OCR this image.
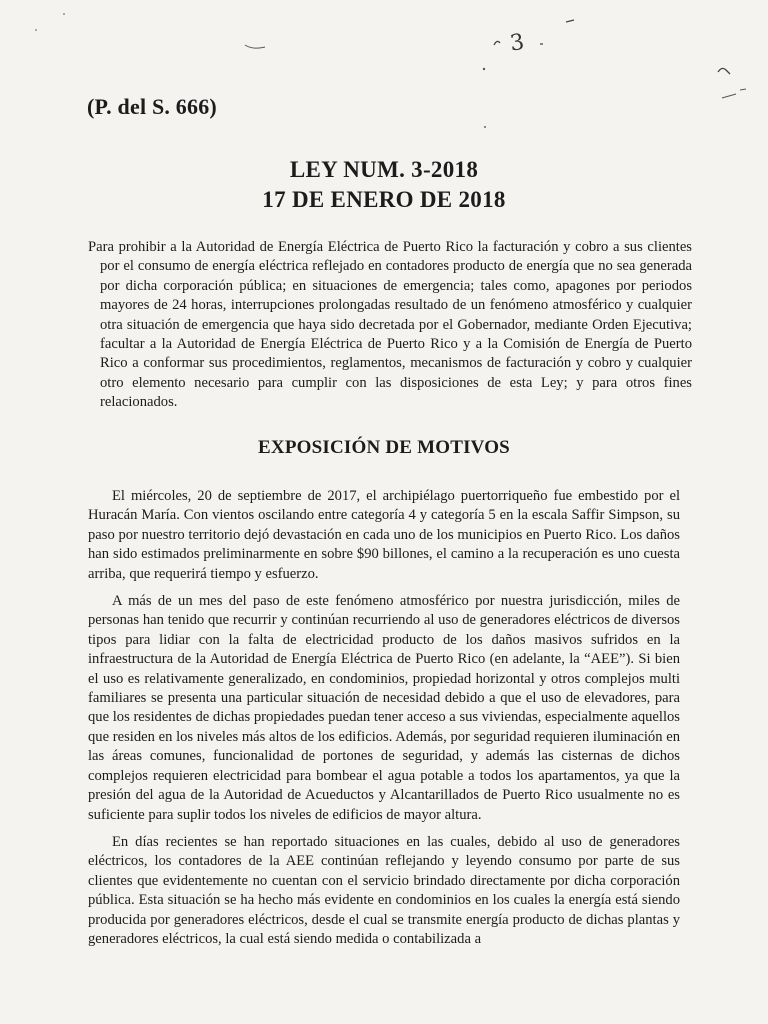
3

(P. del S. 666)

LEY NUM. 3-2018
17 DE ENERO DE 2018

Para prohibir a la Autoridad de Energía Eléctrica de Puerto Rico la facturación y cobro a sus clientes por el consumo de energía eléctrica reflejado en contadores producto de energía que no sea generada por dicha corporación pública; en situaciones de emergencia; tales como, apagones por periodos mayores de 24 horas, interrupciones prolongadas resultado de un fenómeno atmosférico y cualquier otra situación de emergencia que haya sido decretada por el Gobernador, mediante Orden Ejecutiva; facultar a la Autoridad de Energía Eléctrica de Puerto Rico y a la Comisión de Energía de Puerto Rico a conformar sus procedimientos, reglamentos, mecanismos de facturación y cobro y cualquier otro elemento necesario para cumplir con las disposiciones de esta Ley; y para otros fines relacionados.

EXPOSICIÓN DE MOTIVOS

El miércoles, 20 de septiembre de 2017, el archipiélago puertorriqueño fue embestido por el Huracán María. Con vientos oscilando entre categoría 4 y categoría 5 en la escala Saffir Simpson, su paso por nuestro territorio dejó devastación en cada uno de los municipios en Puerto Rico. Los daños han sido estimados preliminarmente en sobre $90 billones, el camino a la recuperación es uno cuesta arriba, que requerirá tiempo y esfuerzo.

A más de un mes del paso de este fenómeno atmosférico por nuestra jurisdicción, miles de personas han tenido que recurrir y continúan recurriendo al uso de generadores eléctricos de diversos tipos para lidiar con la falta de electricidad producto de los daños masivos sufridos en la infraestructura de la Autoridad de Energía Eléctrica de Puerto Rico (en adelante, la “AEE”). Si bien el uso es relativamente generalizado, en condominios, propiedad horizontal y otros complejos multi familiares se presenta una particular situación de necesidad debido a que el uso de elevadores, para que los residentes de dichas propiedades puedan tener acceso a sus viviendas, especialmente aquellos que residen en los niveles más altos de los edificios. Además, por seguridad requieren iluminación en las áreas comunes, funcionalidad de portones de seguridad, y además las cisternas de dichos complejos requieren electricidad para bombear el agua potable a todos los apartamentos, ya que la presión del agua de la Autoridad de Acueductos y Alcantarillados de Puerto Rico usualmente no es suficiente para suplir todos los niveles de edificios de mayor altura.

En días recientes se han reportado situaciones en las cuales, debido al uso de generadores eléctricos, los contadores de la AEE continúan reflejando y leyendo consumo por parte de sus clientes que evidentemente no cuentan con el servicio brindado directamente por dicha corporación pública. Esta situación se ha hecho más evidente en condominios en los cuales la energía está siendo producida por generadores eléctricos, desde el cual se transmite energía producto de dichas plantas y generadores eléctricos, la cual está siendo medida o contabilizada a
